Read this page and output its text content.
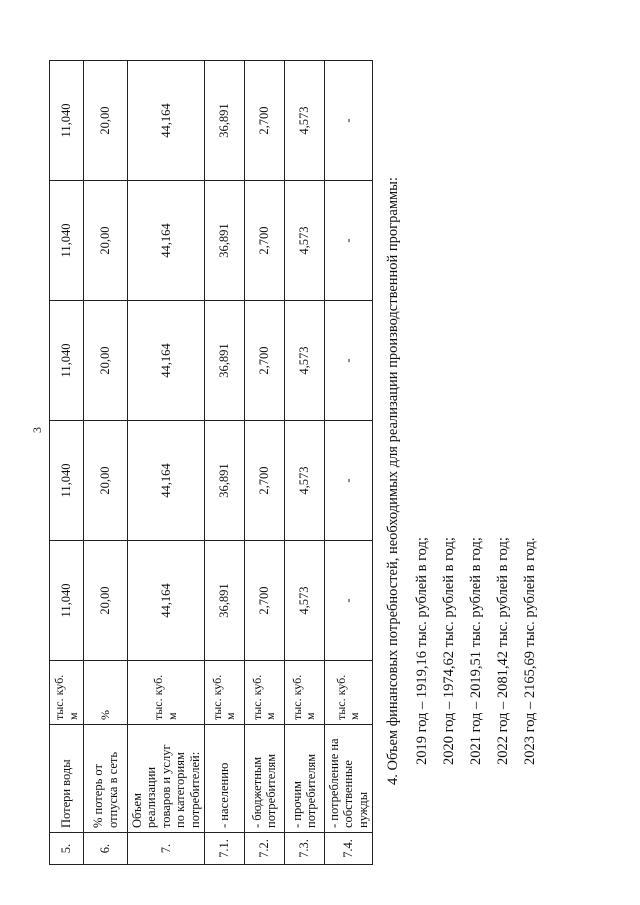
3
5.	Потери воды	тыс. куб. м	11,040	11,040	11,040	11,040	11,040
6.	% потерь от отпуска в сеть	%	20,00	20,00	20,00	20,00	20,00
7.	Объем реализации товаров и услуг по категориям потребителей:	тыс. куб. м	44,164	44,164	44,164	44,164	44,164
7.1.	- населению	тыс. куб. м	36,891	36,891	36,891	36,891	36,891
7.2.	- бюджетным потребителям	тыс. куб. м	2,700	2,700	2,700	2,700	2,700
7.3.	- прочим потребителям	тыс. куб. м	4,573	4,573	4,573	4,573	4,573
7.4.	- потребление на собственные нужды	тыс. куб. м	-	-	-	-	-

4. Объем финансовых потребностей, необходимых для реализации производственной программы: 2019 год – 1919,16 тыс. рублей в год; 2020 год – 1974,62 тыс. рублей в год; 2021 год – 2019,51 тыс. рублей в год; 2022 год – 2081,42 тыс. рублей в год; 2023 год – 2165,69 тыс. рублей в год.
